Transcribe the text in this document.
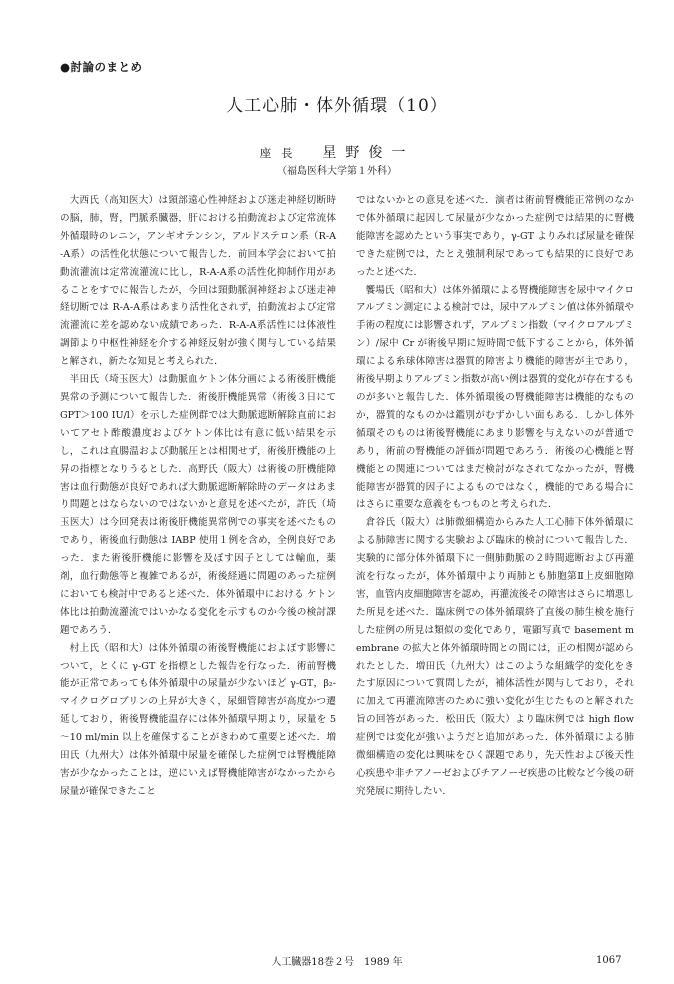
●討論のまとめ
人工心肺・体外循環（10）
座長 星野俊一
（福島医科大学第１外科）

大西氏（高知医大）は頸部遠心性神経および迷走神経切断時の脳，肺，腎，門脈系臓器，肝における拍動流および定常流体外循環時のレニン，アンギオテンシン，アルドステロン系（R-A-A系）の活性化状態について報告した．前回本学会において拍動流灌流は定常流灌流に比し，R-A-A系の活性化抑制作用があることをすでに報告したが，今回は頸動脈洞神経および迷走神経切断では R-A-A系はあまり活性化されず，拍動流および定常流灌流に差を認めない成績であった．R-A-A系活性には体液性調節より中枢性神経を介する神経反射が強く関与している結果と解され，新たな知見と考えられた．

半田氏（埼玉医大）は動脈血ケトン体分画による術後肝機能異常の予測について報告した．術後肝機能異常（術後３日にて GPT＞100 IU/l）を示した症例群では大動脈遮断解除直前においてアセト酢酸濃度およびケトン体比は有意に低い結果を示し，これは直腸温および動脈圧とは相関せず，術後肝機能の上昇の指標となりうるとした．高野氏（阪大）は術後の肝機能障害は血行動態が良好であれば大動脈遮断解除時のデータはあまり問題とはならないのではないかと意見を述べたが，許氏（埼玉医大）は今回発表は術後肝機能異常例での事実を述べたものであり，術後血行動態は IABP 使用１例を含め，全例良好であった．また術後肝機能に影響を及ぼす因子としては輸血，薬剤，血行動態等と複雑であるが，術後経過に問題のあった症例においても検討中であると述べた．体外循環中における ケトン体比は拍動流灌流ではいかなる変化を示すものか今後の検討課題であろう．

村上氏（昭和大）は体外循環の術後腎機能におよぼす影響について，とくに γ-GT を指標とした報告を行なった．術前腎機能が正常であっても体外循環中の尿量が少ないほど γ-GT，β₂-マイクログロブリンの上昇が大きく，尿細管障害が高度かつ遷延しており，術後腎機能温存には体外循環早期より，尿量を 5～10 ml/min 以上を確保することがきわめて重要と述べた．増田氏（九州大）は体外循環中尿量を確保した症例では腎機能障害が少なかったことは，逆にいえば腎機能障害がなかったから尿量が確保できたこと

ではないかとの意見を述べた．演者は術前腎機能正常例のなかで体外循環に起因して尿量が少なかった症例では結果的に腎機能障害を認めたという事実であり，γ-GT よりみれば尿量を確保できた症例では，たとえ強制利尿であっても結果的に良好であったと述べた．

饗場氏（昭和大）は体外循環による腎機能障害を尿中マイクロアルブミン測定による検討では，尿中アルブミン値は体外循環や手術の程度には影響されず，アルブミン指数（マイクロアルブミン）/尿中 Cr が術後早期に短時間で低下することから，体外循環による糸球体障害は器質的障害より機能的障害が主であり，術後早期よりアルブミン指数が高い例は器質的変化が存在するものが多いと報告した．体外循環後の腎機能障害は機能的なものか，器質的なものかは鑑別がむずかしい面もある．しかし体外循環そのものは術後腎機能にあまり影響を与えないのが普通であり，術前の腎機能の評価が問題であろう．術後の心機能と腎機能との関連についてはまだ検討がなされてなかったが，腎機能障害が器質的因子によるものではなく，機能的である場合にはさらに重要な意義をもつものと考えられた．

倉谷氏（阪大）は肺微細構造からみた人工心肺下体外循環による肺障害に関する実験および臨床的検討について報告した．実験的に部分体外循環下に一側肺動脈の２時間遮断および再灌流を行なったが，体外循環中より両肺とも肺胞第Ⅱ上皮細胞障害，血管内皮細胞障害を認め，再灌流後その障害はさらに増悪した所見を述べた．臨床例での体外循環終了直後の肺生検を施行した症例の所見は類似の変化であり，電顕写真で basement membrane の拡大と体外循環時間との間には，正の相関が認められたとした．増田氏（九州大）はこのような組織学的変化をきたす原因について質問したが，補体活性が関与しており，それに加えて再灌流障害のために強い変化が生じたものと解された旨の回答があった．松田氏（阪大）より臨床例では high flow 症例では変化が強いようだと追加があった．体外循環による肺微細構造の変化は興味をひく課題であり，先天性および後天性心疾患や非チアノーゼおよびチアノーゼ疾患の比較など今後の研究発展に期待したい．

人工臓器18巻２号　1989 年	1067
